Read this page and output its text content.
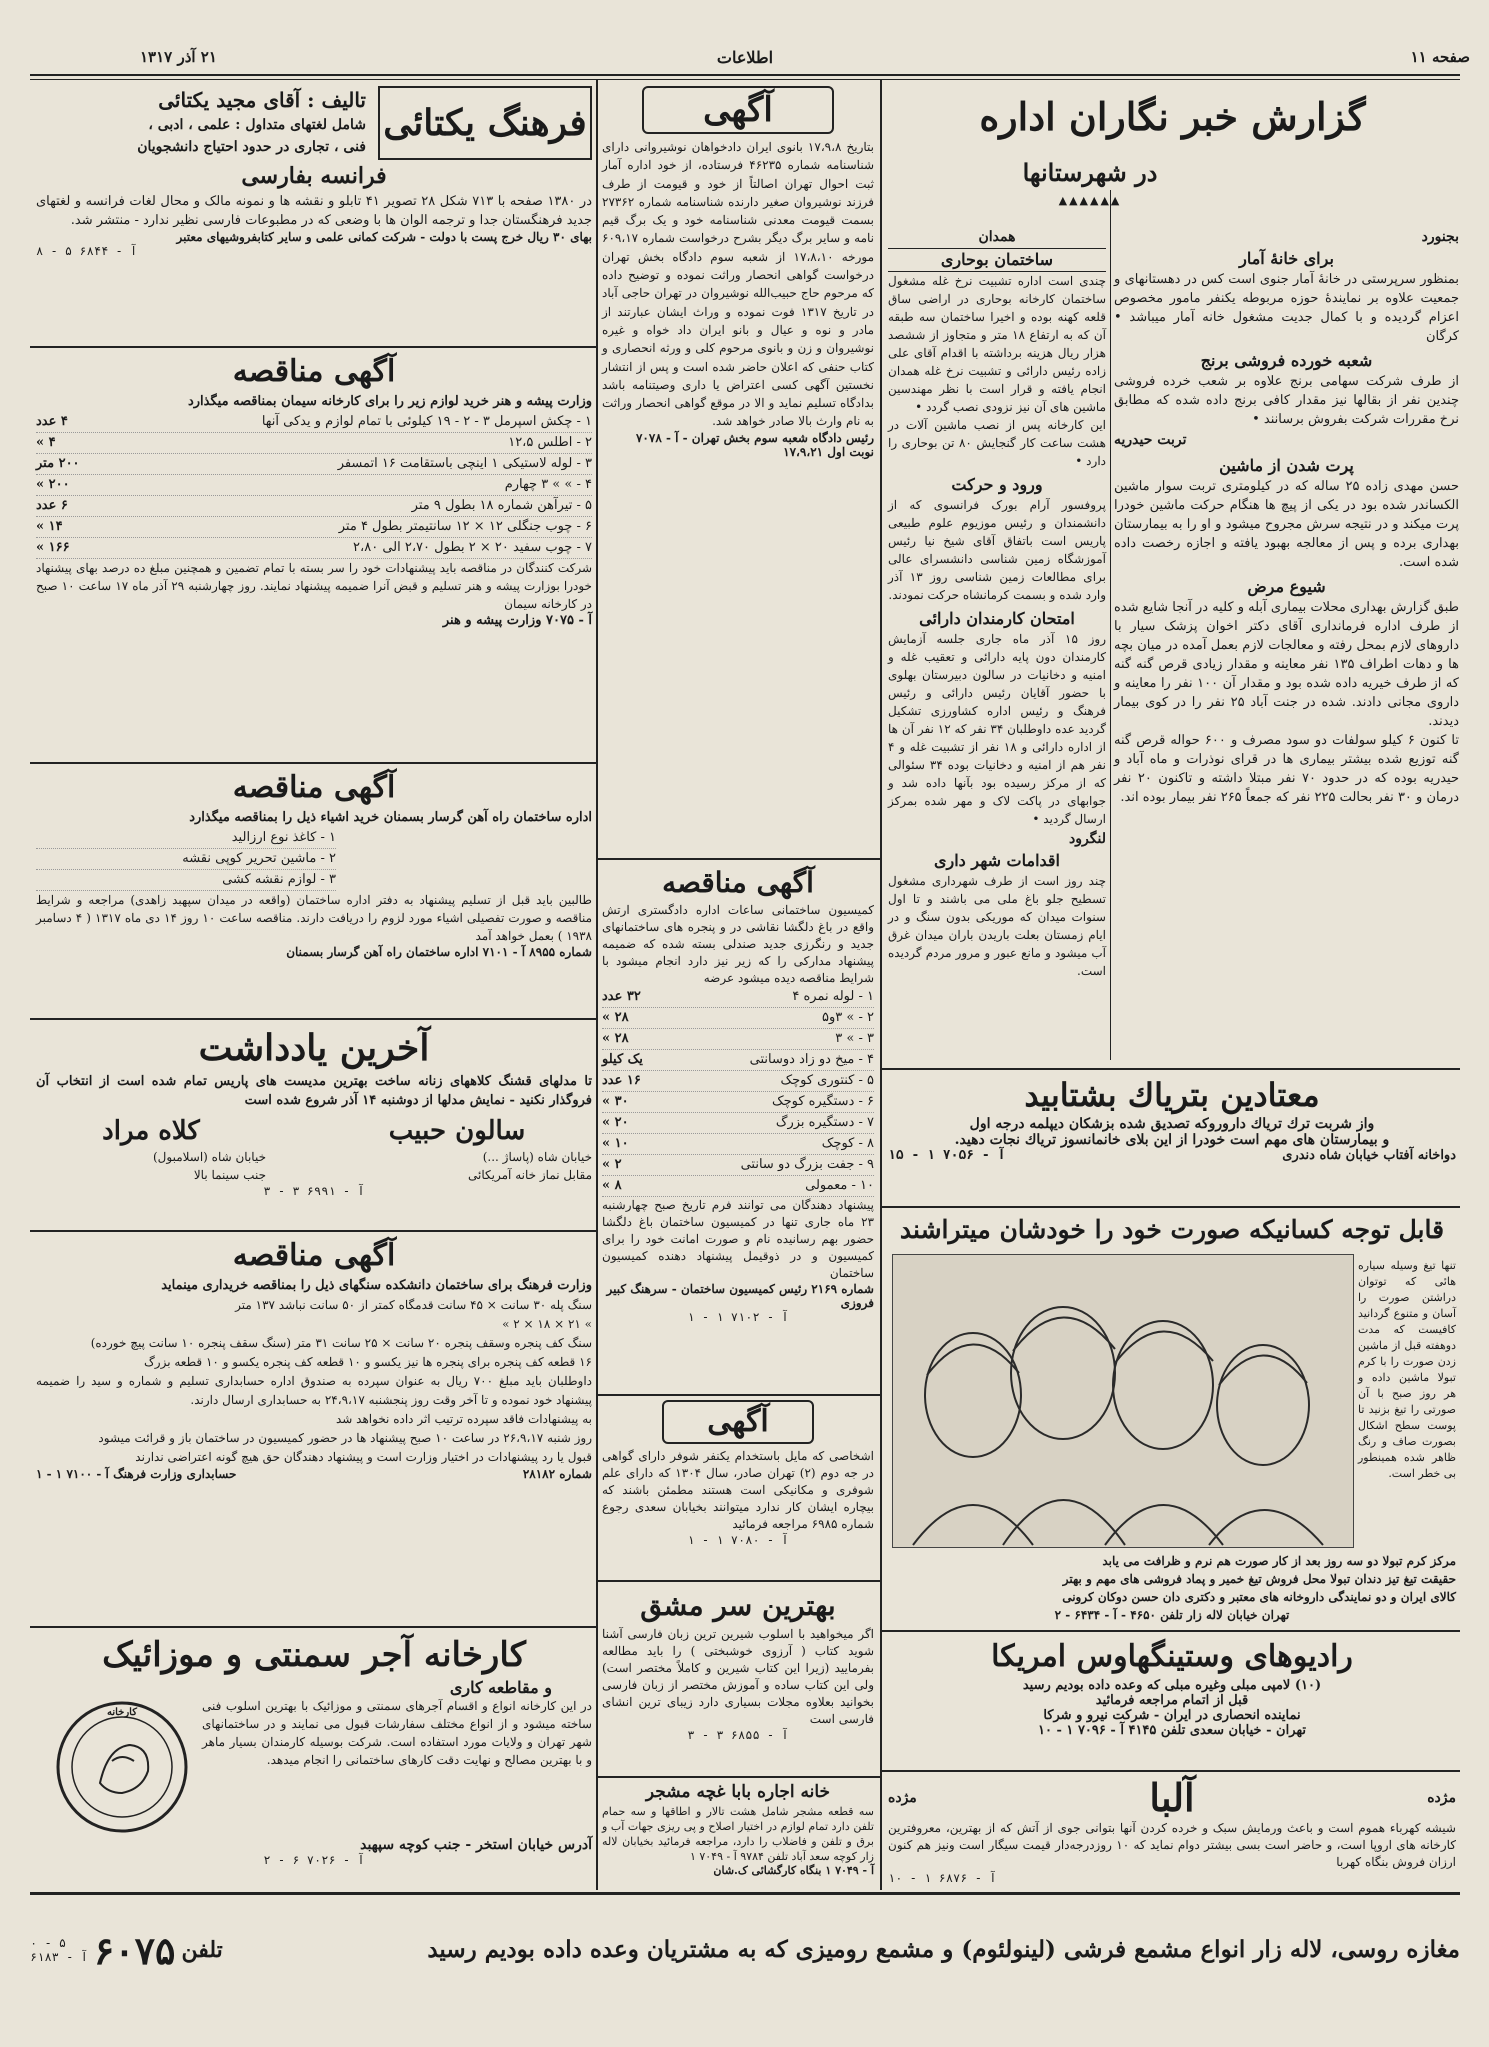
صفحه ۱۱
اطلاعات
۲۱ آذر ۱۳۱۷
گزارش خبر نگاران اداره
در شهرستانها
▲▲▲▲▲▲
بجنورد
برای خانهٔ آمار
بمنظور سرپرستی در خانهٔ آمار جنوی است کس در دهستانهای و جمعیت علاوه بر نمایندهٔ حوزه مربوطه یکنفر مامور مخصوص اعزام گردیده و با کمال جدیت مشغول خانه آمار میباشد • کرگان
شعبه خورده فروشی برنج
از طرف شرکت سهامی برنج علاوه بر شعب خرده فروشی چندین نفر از بقالها نیز مقدار کافی برنج داده شده که مطابق نرخ مقررات شرکت بفروش برسانند •
تربت حیدریه
پرت شدن از ماشین
حسن مهدی زاده ۲۵ ساله که در کیلومتری تربت سوار ماشین الکساندر شده بود در یکی از پیچ ها هنگام حرکت ماشین خودرا پرت میکند و در نتیجه سرش مجروح میشود و او را به بیمارستان بهداری برده و پس از معالجه بهبود یافته و اجازه رخصت داده شده است.
شیوع مرض
طبق گزارش بهداری محلات بیماری آبله و کلیه در آنجا شایع شده از طرف اداره فرمانداری آقای دکتر اخوان پزشک سیار با داروهای لازم بمحل رفته و معالجات لازم بعمل آمده در میان بچه ها و دهات اطراف ۱۳۵ نفر معاینه و مقدار زیادی قرص گنه گنه که از طرف خیریه داده شده بود و مقدار آن ۱۰۰ نفر را معاینه و داروی مجانی دادند. شده در جنت آباد ۲۵ نفر را در کوی بیمار دیدند.
تا کنون ۶ کیلو سولفات دو سود مصرف و ۶۰۰ حواله قرص گنه گنه توزیع شده بیشتر بیماری ها در قرای نوذرات و ماه آباد و حیدریه بوده که در حدود ۷۰ نفر مبتلا داشته و تاکنون ۲۰ نفر درمان و ۳۰ نفر بحالت ۲۲۵ نفر که جمعاً ۲۶۵ نفر بیمار بوده اند.
همدان
ساختمان بوحاری
چندی است اداره تشبیت نرخ غله مشغول ساختمان کارخانه بوحاری در اراضی ساق قلعه کهنه بوده و اخیرا ساختمان سه طبقه آن که به ارتفاع ۱۸ متر و متجاوز از ششصد هزار ریال هزینه برداشته با اقدام آقای علی زاده رئیس دارائی و تشبیت نرخ غله همدان انجام یافته و قرار است با نظر مهندسین ماشین های آن نیز نزودی نصب گردد •
این کارخانه پس از نصب ماشین آلات در هشت ساعت کار گنجایش ۸۰ تن بوحاری را دارد •
ورود و حرکت
پروفسور آرام بورک فرانسوی که از دانشمندان و رئیس موزیوم علوم طبیعی پاریس است باتفاق آقای شیخ نیا رئیس آموزشگاه زمین شناسی دانشسرای عالی برای مطالعات زمین شناسی روز ۱۳ آذر وارد شده و بسمت کرمانشاه حرکت نمودند.
امتحان کارمندان دارائی
روز ۱۵ آذر ماه جاری جلسه آزمایش کارمندان دون پایه دارائی و تعقیب غله و امنیه و دخانیات در سالون دبیرستان بهلوی با حضور آقایان رئیس دارائی و رئیس فرهنگ و رئیس اداره کشاورزی تشکیل گردید عده داوطلبان ۳۴ نفر که ۱۲ نفر آن ها از اداره دارائی و ۱۸ نفر از تشبیت غله و ۴ نفر هم از امنیه و دخانیات بوده ۳۴ سئوالی که از مرکز رسیده بود بآنها داده شد و جوابهای در پاکت لاک و مهر شده بمرکز ارسال گردید •
لنگرود
اقدامات شهر داری
چند روز است از طرف شهرداری مشغول تسطیح جلو باغ ملی می باشند و تا اول سنوات میدان که موریکی بدون سنگ و در ایام زمستان بعلت باریدن باران میدان غرق آب میشود و مانع عبور و مرور مردم گردیده است.
معتادین بتریاك بشتابید
واز شربت ترك تریاك داروروکه تصدیق شده بزشکان دیپلمه درجه اول
و بیمارستان های مهم است خودرا از این بلای خانمانسوز تریاك نجات دهید.
دواخانه آفتاب خیابان شاه دندری
آ - ۷۰۵۶ ۱ - ۱۵
قابل توجه کسانیکه صورت خود را خودشان میتراشند
تنها تیغ وسیله سیاره هائی که توتوان دراشتن صورت را آسان و متنوع گردانید کافیست که مدت دوهفته قبل از ماشین زدن صورت را با کرم تبولا ماشین داده و هر روز صبح با آن صورتی را تیغ بزنید تا پوست سطح اشکال بصورت صاف و رنگ ظاهر شده همینطور بی خطر است.
مرکز کرم تبولا دو سه روز بعد از کار صورت هم نرم و ظرافت می یابد
حقیقت تیغ تیز دندان تبولا محل فروش تیغ خمیر و پماد فروشی های مهم و بهتر
کالای ایران و دو نمایندگی داروخانه های معتبر و دکتری دان حسن دوکان کرونی
تهران خیابان لاله زار تلفن ۴۶۵۰ - آ - ۶۴۳۴ - ۲
رادیوهای وستینگهاوس امریکا
(۱۰) لامپی مبلی وغیره مبلی که وعده داده بودیم رسید
قبل از اتمام مراجعه فرمائید
نماینده انحصاری در ایران - شرکت نیرو و شرکا
تهران - خیابان سعدی تلفن ۴۱۴۵ آ - ۷۰۹۶ ۱ - ۱۰
مژده
آلبا
مژده
شیشه کهرباء هموم است و باعث ورمایش سبک و خرده کردن آنها بتوانی جوی از آتش که از بهترین، معروفترین کارخانه های اروپا است، و حاضر است بسی بیشتر دوام نماید که ۱۰ روزدرجه‌دار قیمت سیگار است ونیز هم کنون ارزان فروش بنگاه کهربا
آ - ۶۸۷۶ ۱ - ۱۰
آگهی
بتاریخ ۱۷،۹،۸ بانوی ایران دادخواهان نوشیروانی دارای شناسنامه شماره ۴۶۲۳۵ فرستاده، از خود اداره آمار ثبت احوال تهران اصالتاً از خود و قیومت از طرف فرزند نوشیروان صغیر دارنده شناسنامه شماره ۲۷۳۶۲ بسمت قیومت معدنی شناسنامه خود و یک برگ قیم نامه و سایر برگ دیگر بشرح درخواست شماره ۶۰۹،۱۷ مورخه ۱۷،۸،۱۰ از شعبه سوم دادگاه بخش تهران درخواست گواهی انحصار وراثت نموده و توضیح داده که مرحوم حاج حبیب‌الله نوشیروان در تهران حاجی آباد در تاریخ ۱۳۱۷ فوت نموده و وراث ایشان عبارتند از مادر و نوه و عیال و بانو ایران داد خواه و غیره نوشیروان و زن و بانوی مرحوم کلی و ورثه انحصاری و کتاب حنفی که اعلان حاضر شده است و پس از انتشار نخستین آگهی کسی اعتراض یا داری وصیتنامه باشد بدادگاه تسلیم نماید و الا در موقع گواهی انحصار وراثت به نام وارث بالا صادر خواهد شد.
رئیس دادگاه شعبه سوم بخش تهران - آ - ۷۰۷۸
نوبت اول ۱۷،۹،۲۱
آگهی مناقصه
کمیسیون ساختمانی ساعات اداره دادگستری ارتش واقع در باغ دلگشا نقاشی در و پنجره های ساختمانهای جدید و رنگرزی جدید صندلی بسته شده که ضمیمه پیشنهاد مدارکی را که زیر نیز دارد انجام میشود با شرایط مناقصه دیده میشود عرضه
۱ - لوله نمره ۴
۳۲ عدد
۲ - » ۳و۵
۲۸ »
۳ - » ۳
۲۸ »
۴ - میخ دو زاد دوسانتی
یک کیلو
۵ - کنتوری کوچک
۱۶ عدد
۶ - دستگیره کوچک
۳۰ »
۷ - دستگیره بزرگ
۲۰ »
۸ - کوچک
۱۰ »
۹ - جفت بزرگ دو سانتی
۲ »
۱۰ - معمولی
۸ »
پیشنهاد دهندگان می توانند فرم تاریخ صبح چهارشنبه ۲۳ ماه جاری تنها در کمیسیون ساختمان باغ دلگشا حضور بهم رسانیده نام و صورت امانت خود را برای کمیسیون و در ذوقیمل پیشنهاد دهنده کمیسیون ساختمان
شماره ۲۱۶۹ رئیس کمیسیون ساختمان - سرهنگ کبیر فروزی
آ - ۷۱۰۲ ۱ - ۱
آگهی
اشخاصی که مایل باستخدام یکنفر شوفر دارای گواهی در جه دوم (۲) تهران صادر، سال ۱۳۰۴ که دارای علم شوفری و مکانیکی است هستند مطمئن باشند که بیچاره ایشان کار ندارد میتوانند بخیابان سعدی رجوع شماره ۶۹۸۵ مراجعه فرمائید
آ - ۷۰۸۰ ۱ - ۱
بهترین سر مشق
اگر میخواهید با اسلوب شیرین ترین زبان فارسی آشنا شوید کتاب ( آرزوی خوشبختی ) را باید مطالعه بفرمایید (زیرا این کتاب شیرین و کاملاً مختصر است) ولی این کتاب ساده و آموزش مختصر از زبان فارسی بخوانید بعلاوه مجلات بسیاری دارد زیبای ترین انشای فارسی است
آ - ۶۸۵۵ ۳ - ۳
خانه اجاره بابا غچه مشجر
سه قطعه مشجر شامل هشت تالار و اطاقها و سه حمام تلفن دارد تمام لوازم در اختیار اصلاح و پی ریزی جهات آب و برق و تلفن و فاضلاب را دارد، مراجعه فرمائید بخیابان لاله زار کوچه سعد آباد تلفن ۹۷۸۴ آ - ۷۰۴۹ ۱
آ - ۷۰۴۹ ۱ بنگاه کارگشائی ک.شان
فرهنگ یکتائی
تالیف : آقای مجید یکتائی
شامل لغتهای متداول : علمی ، ادبی ،
فنی ، تجاری در حدود احتیاج دانشجویان
فرانسه بفارسی
در ۱۳۸۰ صفحه با ۷۱۳ شکل ۲۸ تصویر ۴۱ تابلو و نقشه ها و نمونه مالک و محال لغات فرانسه و لغتهای جدید فرهنگستان جدا و ترجمه الوان ها با وضعی که در مطبوعات فارسی نظیر ندارد - منتشر شد.
بهای ۳۰ ریال خرج پست با دولت - شرکت کمانی علمی و سایر کتابفروشیهای معتبر
آ - ۶۸۴۴ ۵ - ۸
آگهی مناقصه
وزارت پیشه و هنر خرید لوازم زیر را برای کارخانه سیمان بمناقصه میگذارد
۱ - چکش اسپرمل ۳ - ۲ - ۱۹ کیلوئی با تمام لوازم و یدکی آنها
۴ عدد
۲ - اطلس ۱۲،۵
۴ »
۳ - لوله لاستیکی ۱ اینچی باستقامت ۱۶ اتمسفر
۲۰۰ متر
۴ - » » ۳ چهارم
۲۰۰ »
۵ - تیرآهن شماره ۱۸ بطول ۹ متر
۶ عدد
۶ - چوب جنگلی ۱۲ × ۱۲ سانتیمتر بطول ۴ متر
۱۴ »
۷ - چوب سفید ۲۰ × ۲ بطول ۲،۷۰ الی ۲،۸۰
۱۶۶ »
شرکت کنندگان در مناقصه باید پیشنهادات خود را سر بسته با تمام تضمین و همچنین مبلغ ده درصد بهای پیشنهاد خودرا بوزارت پیشه و هنر تسلیم و قبض آنرا ضمیمه پیشنهاد نمایند. روز چهارشنبه ۲۹ آذر ماه ۱۷ ساعت ۱۰ صبح در کارخانه سیمان
آ - ۷۰۷۵ وزارت پیشه و هنر
آگهی مناقصه
اداره ساختمان راه آهن گرسار بسمنان خرید اشیاء ذیل را بمناقصه میگذارد
۱ - کاغذ نوع ارزالید
۲ - ماشین تحریر کوپی نقشه
۳ - لوازم نقشه کشی
طالبین باید قبل از تسلیم پیشنهاد به دفتر اداره ساختمان (واقعه در میدان سپهبد زاهدی) مراجعه و شرایط مناقصه و صورت تفصیلی اشیاء مورد لزوم را دریافت دارند. مناقصه ساعت ۱۰ روز ۱۴ دی ماه ۱۳۱۷ ( ۴ دسامبر ۱۹۳۸ ) بعمل خواهد آمد
شماره ۸۹۵۵ آ - ۷۱۰۱ اداره ساختمان راه آهن گرسار بسمنان
آخرین یادداشت
تا مدلهای قشنگ کلاههای زنانه ساخت بهترین مدیست های پاریس تمام شده است از انتخاب آن فروگذار نکنید - نمایش مدلها از دوشنبه ۱۴ آذر شروع شده است
سالون حبیب
خیابان شاه (پاساژ ...)
مقابل نماز خانه آمریکائی
کلاه مراد
خیابان شاه (اسلامبول)
جنب سینما بالا
آ - ۶۹۹۱ ۳ - ۳
آگهی مناقصه
وزارت فرهنگ برای ساختمان دانشکده سنگهای ذیل را بمناقصه خریداری مینماید
سنگ پله ۳۰ سانت × ۴۵ سانت قدمگاه کمتر از ۵۰ سانت نباشد ۱۳۷ متر
» ۲۱ × ۱۸ × ۲ »
سنگ کف پنجره وسقف پنجره ۲۰ سانت × ۲۵ سانت ۳۱ متر (سنگ سقف پنجره ۱۰ سانت پیچ خورده)
۱۶ قطعه کف پنجره برای پنجره ها نیز یکسو و ۱۰ قطعه کف پنجره یکسو و ۱۰ قطعه بزرگ
داوطلبان باید مبلغ ۷۰۰ ریال به عنوان سپرده به صندوق اداره حسابداری تسلیم و شماره و سید را ضمیمه پیشنهاد خود نموده و تا آخر وقت روز پنجشنبه ۲۴،۹،۱۷ به حسابداری ارسال دارند.
به پیشنهادات فاقد سپرده ترتیب اثر داده نخواهد شد
روز شنبه ۲۶،۹،۱۷ در ساعت ۱۰ صبح پیشنهاد ها در حضور کمیسیون در ساختمان باز و قرائت میشود
قبول یا رد پیشنهادات در اختیار وزارت است و پیشنهاد دهندگان حق هیچ گونه اعتراضی ندارند
شماره ۲۸۱۸۲
حسابداری وزارت فرهنگ آ - ۷۱۰۰ ۱ - ۱
کارخانه آجر سمنتی و موزائیک
و مقاطعه کاری
در این کارخانه انواع و اقسام آجرهای سمنتی و موزائیک با بهترین اسلوب فنی ساخته میشود و از انواع مختلف سفارشات قبول می نمایند و در ساختمانهای شهر تهران و ولایات مورد استفاده است. شرکت بوسیله کارمندان بسیار ماهر و با بهترین مصالح و نهایت دقت کارهای ساختمانی را انجام میدهد.
کارخانه
آدرس خیابان استخر - جنب کوچه سپهبد
آ - ۷۰۲۶ ۶ - ۲
مغازه روسی، لاله زار انواع مشمع فرشی (لینولئوم) و مشمع رومیزی که به مشتریان وعده داده بودیم رسید
تلفن
۶۰۷۵
۰ - ۵
آ - ۶۱۸۳
